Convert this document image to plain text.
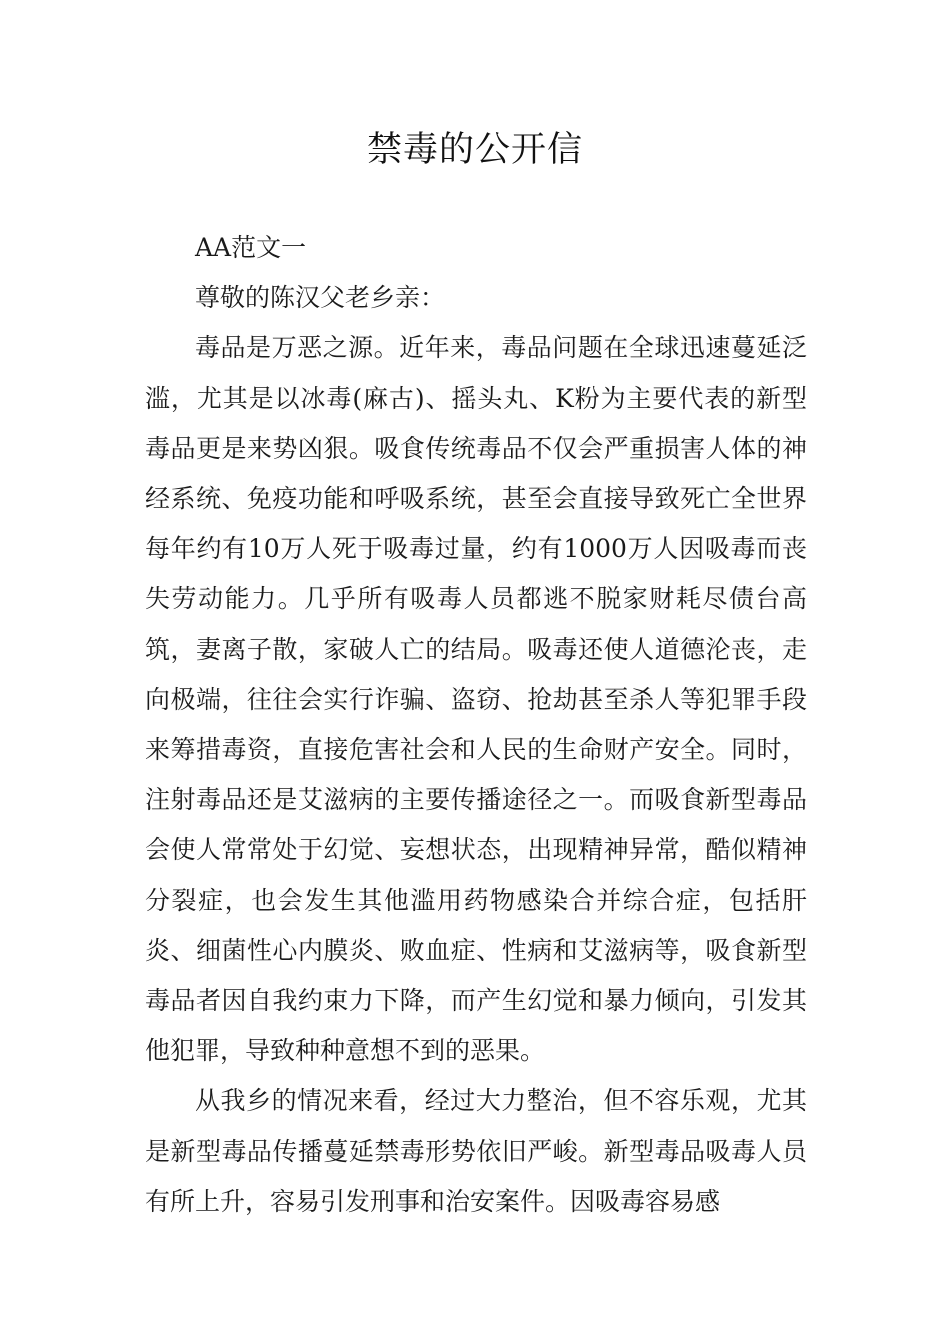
禁毒的公开信

AA范文一

尊敬的陈汉父老乡亲：

毒品是万恶之源。近年来，毒品问题在全球迅速蔓延泛滥，尤其是以冰毒(麻古)、摇头丸、K粉为主要代表的新型毒品更是来势凶狠。吸食传统毒品不仅会严重损害人体的神经系统、免疫功能和呼吸系统，甚至会直接导致死亡全世界每年约有10万人死于吸毒过量，约有1000万人因吸毒而丧失劳动能力。几乎所有吸毒人员都逃不脱家财耗尽债台高筑，妻离子散，家破人亡的结局。吸毒还使人道德沦丧，走向极端，往往会实行诈骗、盗窃、抢劫甚至杀人等犯罪手段来筹措毒资，直接危害社会和人民的生命财产安全。同时，注射毒品还是艾滋病的主要传播途径之一。而吸食新型毒品会使人常常处于幻觉、妄想状态，出现精神异常，酷似精神分裂症，也会发生其他滥用药物感染合并综合症，包括肝炎、细菌性心内膜炎、败血症、性病和艾滋病等，吸食新型毒品者因自我约束力下降，而产生幻觉和暴力倾向，引发其他犯罪，导致种种意想不到的恶果。

从我乡的情况来看，经过大力整治，但不容乐观，尤其是新型毒品传播蔓延禁毒形势依旧严峻。新型毒品吸毒人员有所上升，容易引发刑事和治安案件。因吸毒容易感
